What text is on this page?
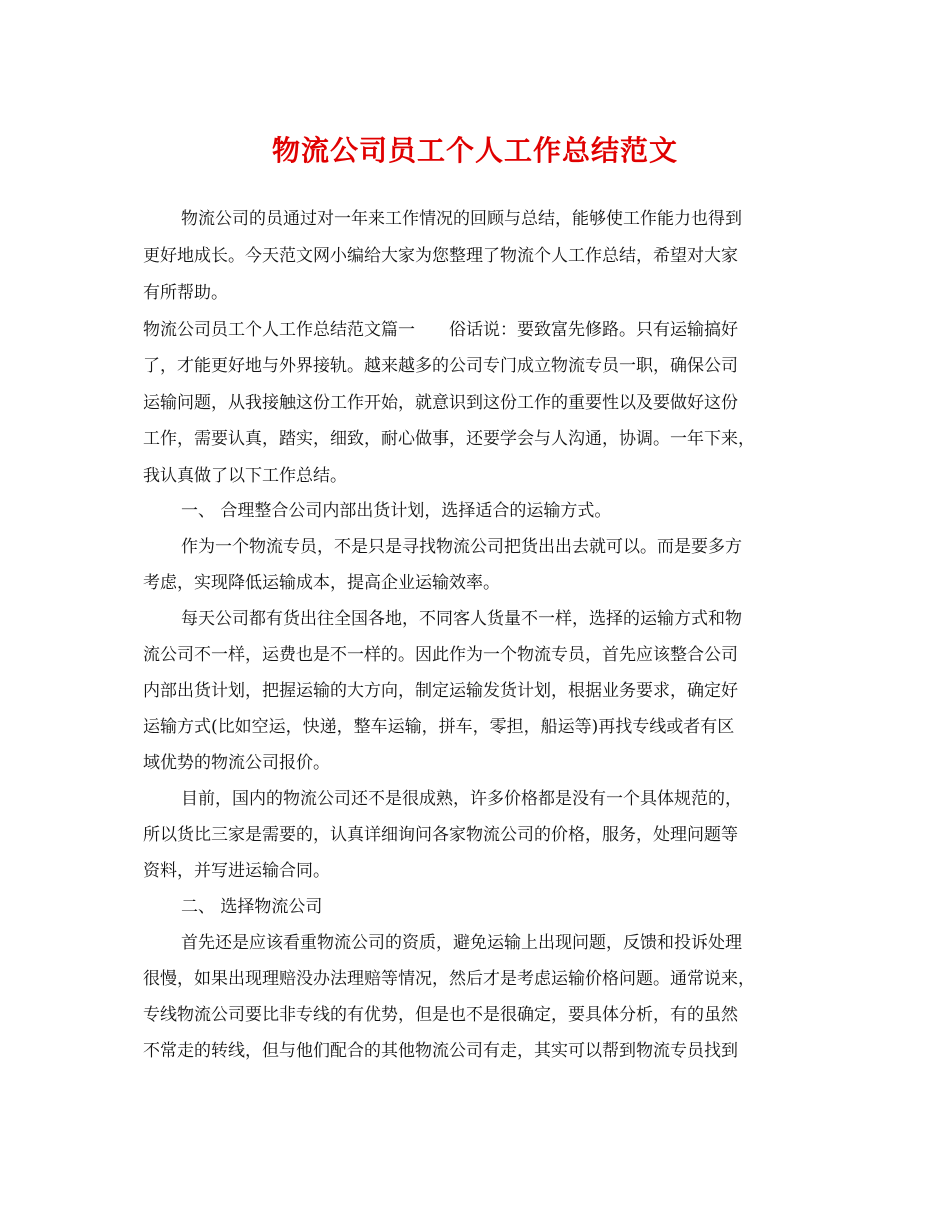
物流公司员工个人工作总结范文
物流公司的员通过对一年来工作情况的回顾与总结，能够使工作能力也得到
更好地成长。今天范文网小编给大家为您整理了物流个人工作总结，希望对大家
有所帮助。
物流公司员工个人工作总结范文篇一 俗话说：要致富先修路。只有运输搞好
了，才能更好地与外界接轨。越来越多的公司专门成立物流专员一职，确保公司
运输问题，从我接触这份工作开始，就意识到这份工作的重要性以及要做好这份
工作，需要认真，踏实，细致，耐心做事，还要学会与人沟通，协调。一年下来，
我认真做了以下工作总结。
一、 合理整合公司内部出货计划，选择适合的运输方式。
作为一个物流专员，不是只是寻找物流公司把货出出去就可以。而是要多方
考虑，实现降低运输成本，提高企业运输效率。
每天公司都有货出往全国各地，不同客人货量不一样，选择的运输方式和物
流公司不一样，运费也是不一样的。因此作为一个物流专员，首先应该整合公司
内部出货计划，把握运输的大方向，制定运输发货计划，根据业务要求，确定好
运输方式(比如空运，快递，整车运输，拼车，零担，船运等)再找专线或者有区
域优势的物流公司报价。
目前，国内的物流公司还不是很成熟，许多价格都是没有一个具体规范的，
所以货比三家是需要的，认真详细询问各家物流公司的价格，服务，处理问题等
资料，并写进运输合同。
二、 选择物流公司
首先还是应该看重物流公司的资质，避免运输上出现问题，反馈和投诉处理
很慢，如果出现理赔没办法理赔等情况，然后才是考虑运输价格问题。通常说来，
专线物流公司要比非专线的有优势，但是也不是很确定，要具体分析，有的虽然
不常走的转线，但与他们配合的其他物流公司有走，其实可以帮到物流专员找到
